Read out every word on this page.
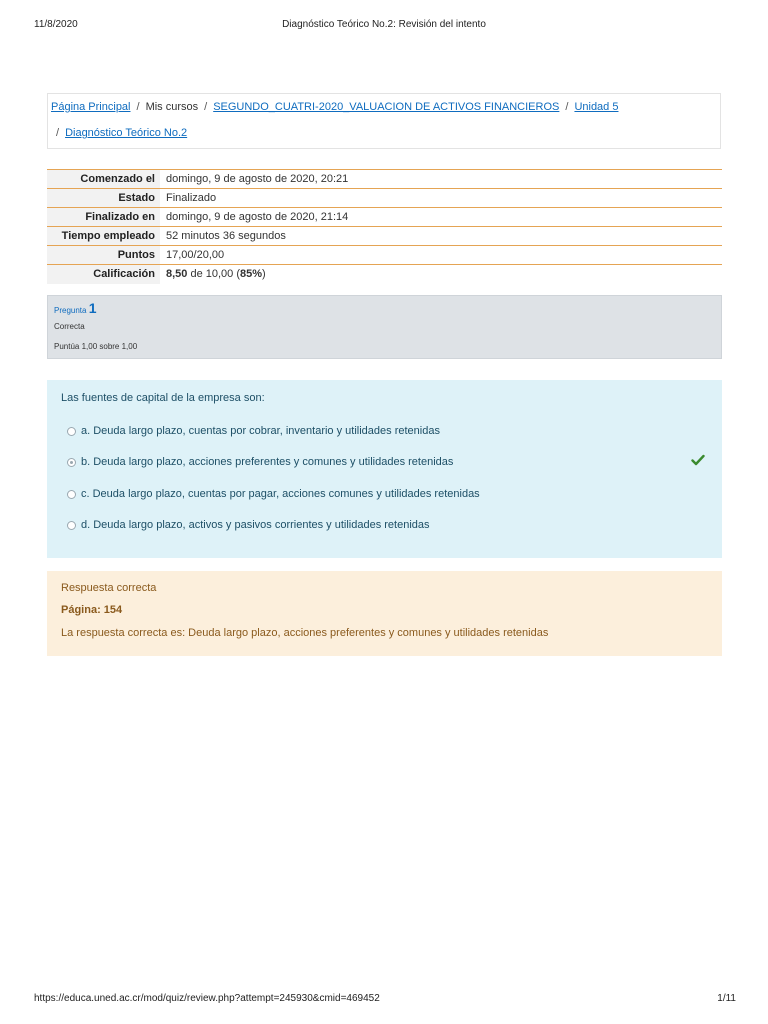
11/8/2020	Diagnóstico Teórico No.2: Revisión del intento
Página Principal / Mis cursos / SEGUNDO_CUATRI-2020_VALUACION DE ACTIVOS FINANCIEROS / Unidad 5
/ Diagnóstico Teórico No.2
Comenzado el	domingo, 9 de agosto de 2020, 20:21
Estado	Finalizado
Finalizado en	domingo, 9 de agosto de 2020, 21:14
Tiempo empleado	52 minutos 36 segundos
Puntos	17,00/20,00
Calificación	8,50 de 10,00 (85%)
Pregunta 1
Correcta
Puntúa 1,00 sobre 1,00
Las fuentes de capital de la empresa son:
a. Deuda largo plazo, cuentas por cobrar, inventario y utilidades retenidas
b. Deuda largo plazo, acciones preferentes y comunes y utilidades retenidas
c. Deuda largo plazo, cuentas por pagar, acciones comunes y utilidades retenidas
d. Deuda largo plazo, activos y pasivos corrientes y utilidades retenidas
Respuesta correcta
Página: 154
La respuesta correcta es: Deuda largo plazo, acciones preferentes y comunes y utilidades retenidas
https://educa.uned.ac.cr/mod/quiz/review.php?attempt=245930&cmid=469452	1/11
